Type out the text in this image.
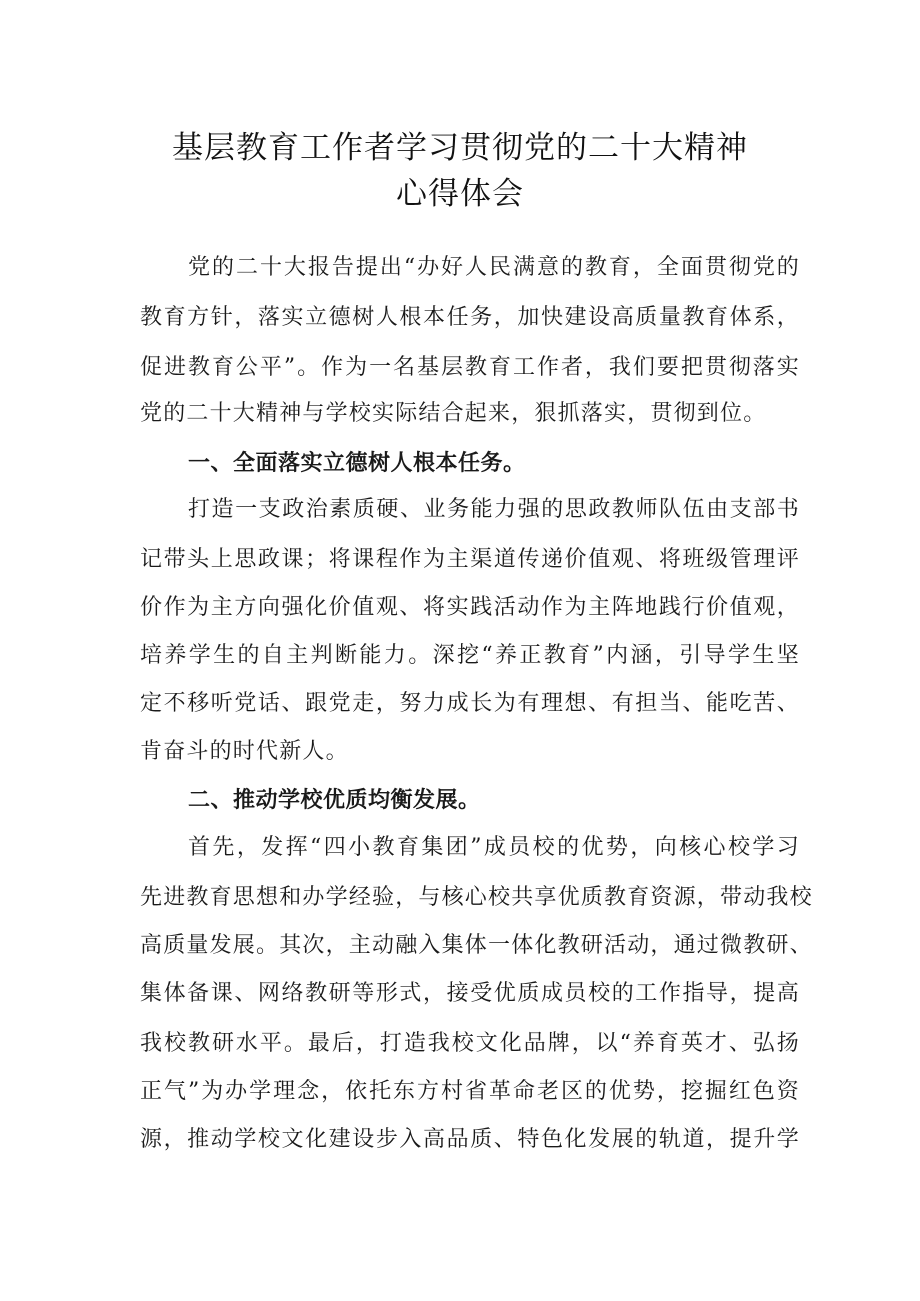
基层教育工作者学习贯彻党的二十大精神
心得体会
党的二十大报告提出“办好人民满意的教育，全面贯彻党的
教育方针，落实立德树人根本任务，加快建设高质量教育体系，
促进教育公平”。作为一名基层教育工作者，我们要把贯彻落实
党的二十大精神与学校实际结合起来，狠抓落实，贯彻到位。
一、全面落实立德树人根本任务。
打造一支政治素质硬、业务能力强的思政教师队伍由支部书
记带头上思政课；将课程作为主渠道传递价值观、将班级管理评
价作为主方向强化价值观、将实践活动作为主阵地践行价值观，
培养学生的自主判断能力。深挖“养正教育”内涵，引导学生坚
定不移听党话、跟党走，努力成长为有理想、有担当、能吃苦、
肯奋斗的时代新人。
二、推动学校优质均衡发展。
首先，发挥“四小教育集团”成员校的优势，向核心校学习
先进教育思想和办学经验，与核心校共享优质教育资源，带动我校
高质量发展。其次，主动融入集体一体化教研活动，通过微教研、
集体备课、网络教研等形式，接受优质成员校的工作指导，提高
我校教研水平。最后，打造我校文化品牌，以“养育英才、弘扬
正气”为办学理念，依托东方村省革命老区的优势，挖掘红色资
源，推动学校文化建设步入高品质、特色化发展的轨道，提升学
